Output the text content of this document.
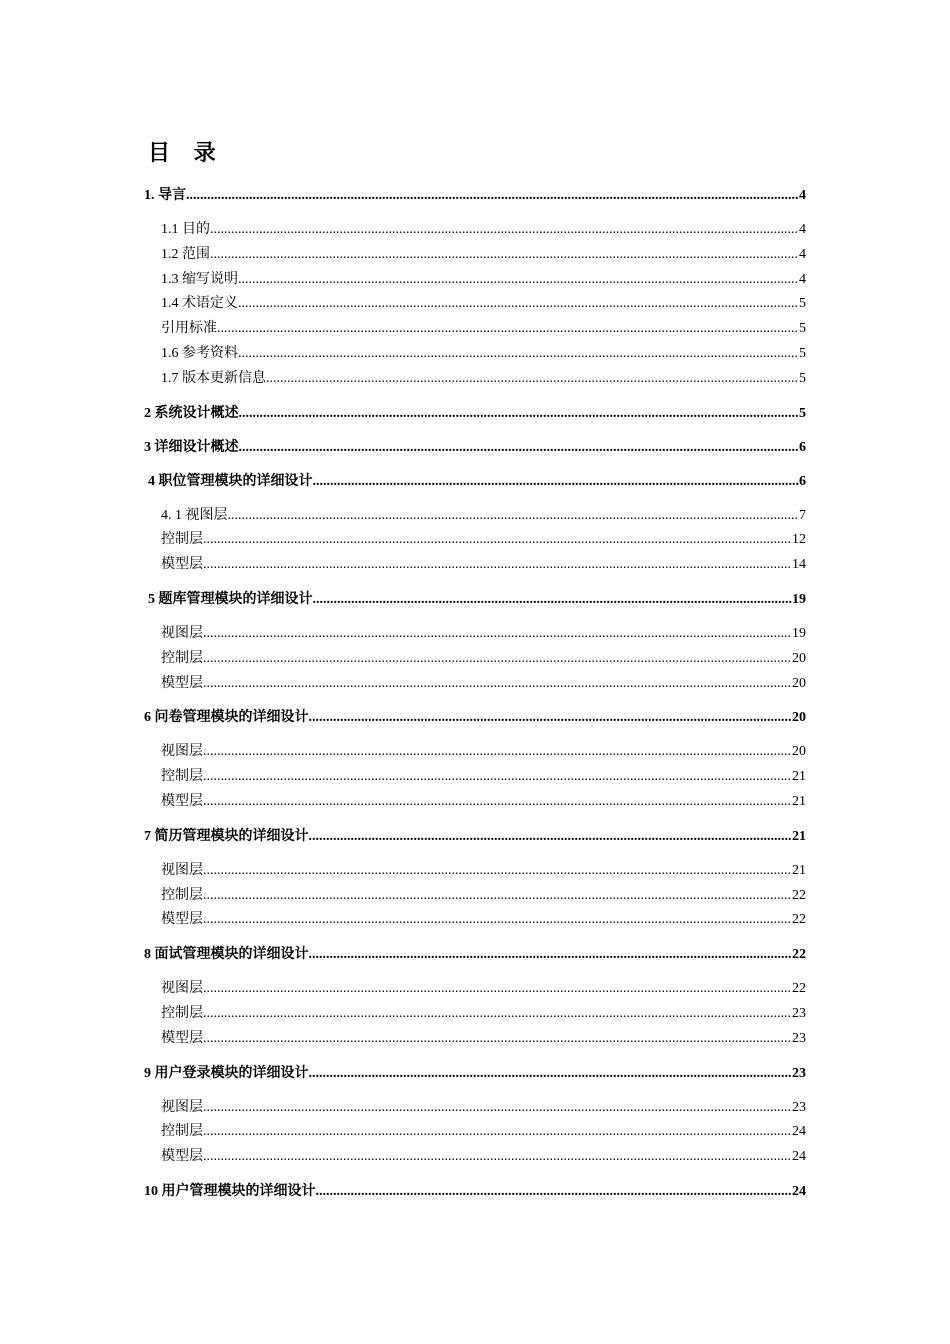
目 录
1. 导言 .....	4
1.1 目的 .....	4
1.2 范围 .....	4
1.3 缩写说明 .....	4
1.4 术语定义 .....	5
引用标准 .....	5
1.6 参考资料 .....	5
1.7 版本更新信息 .....	5
2 系统设计概述 .....	5
3 详细设计概述 .....	6
4 职位管理模块的详细设计 .....	6
4. 1 视图层 .....	7
控制层 .....	12
模型层 .....	14
5 题库管理模块的详细设计 .....	19
视图层 .....	19
控制层 .....	20
模型层 .....	20
6 问卷管理模块的详细设计 .....	20
视图层 .....	20
控制层 .....	21
模型层 .....	21
7 简历管理模块的详细设计 .....	21
视图层 .....	21
控制层 .....	22
模型层 .....	22
8 面试管理模块的详细设计 .....	22
视图层 .....	22
控制层 .....	23
模型层 .....	23
9 用户登录模块的详细设计 .....	23
视图层 .....	23
控制层 .....	24
模型层 .....	24
10 用户管理模块的详细设计 .....	24
